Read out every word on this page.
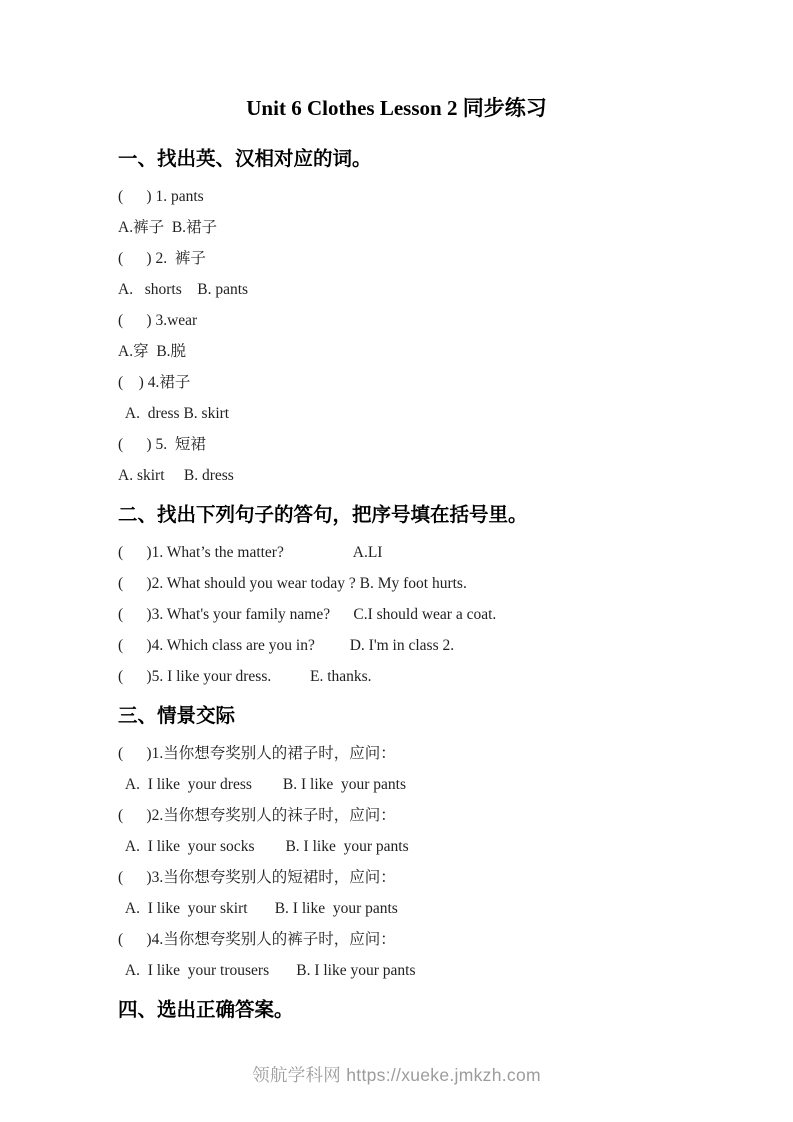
Unit 6 Clothes Lesson 2 同步练习
一、找出英、汉相对应的词。

(      ) 1. pants

A.裤子  B.裙子

(      ) 2.  裤子

A.   shorts    B. pants

(      ) 3.wear

A.穿  B.脱

(    ) 4.裙子

A.  dress B. skirt

(      ) 5.  短裙

A. skirt     B. dress

二、找出下列句子的答句，把序号填在括号里。

(      )1. What’s the matter?                  A.LI

(      )2. What should you wear today ? B. My foot hurts.

(      )3. What's your family name?      C.I should wear a coat.

(      )4. Which class are you in?         D. I'm in class 2.

(      )5. I like your dress.          E. thanks.

三、情景交际

(      )1.当你想夸奖别人的裙子时，应问：

A.  I like  your dress        B. I like  your pants

(      )2.当你想夸奖别人的袜子时，应问：

A.  I like  your socks        B. I like  your pants

(      )3.当你想夸奖别人的短裙时，应问：

A.  I like  your skirt       B. I like  your pants

(      )4.当你想夸奖别人的裤子时，应问：

A.  I like  your trousers       B. I like your pants

四、选出正确答案。
领航学科网 https://xueke.jmkzh.com
